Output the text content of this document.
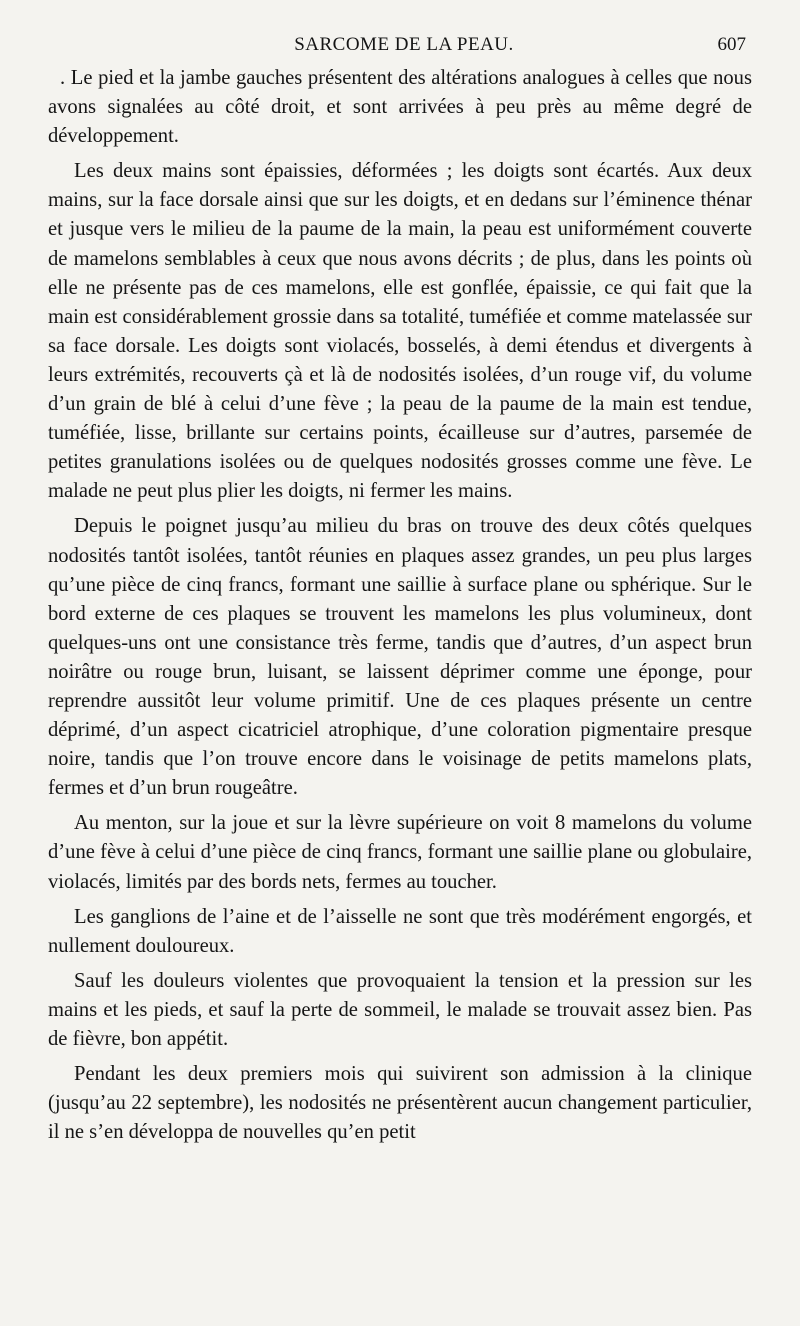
SARCOME DE LA PEAU.	607

. Le pied et la jambe gauches présentent des altérations analogues à celles que nous avons signalées au côté droit, et sont arrivées à peu près au même degré de développement.

Les deux mains sont épaissies, déformées ; les doigts sont écartés. Aux deux mains, sur la face dorsale ainsi que sur les doigts, et en dedans sur l’éminence thénar et jusque vers le milieu de la paume de la main, la peau est uniformément couverte de mamelons semblables à ceux que nous avons décrits ; de plus, dans les points où elle ne présente pas de ces mamelons, elle est gonflée, épaissie, ce qui fait que la main est considérablement grossie dans sa totalité, tuméfiée et comme matelassée sur sa face dorsale. Les doigts sont violacés, bosselés, à demi étendus et divergents à leurs extrémités, recouverts çà et là de nodosités isolées, d’un rouge vif, du volume d’un grain de blé à celui d’une fève ; la peau de la paume de la main est tendue, tuméfiée, lisse, brillante sur certains points, écailleuse sur d’autres, parsemée de petites granulations isolées ou de quelques nodosités grosses comme une fève. Le malade ne peut plus plier les doigts, ni fermer les mains.

Depuis le poignet jusqu’au milieu du bras on trouve des deux côtés quelques nodosités tantôt isolées, tantôt réunies en plaques assez grandes, un peu plus larges qu’une pièce de cinq francs, formant une saillie à surface plane ou sphérique. Sur le bord externe de ces plaques se trouvent les mamelons les plus volumineux, dont quelques-uns ont une consistance très ferme, tandis que d’autres, d’un aspect brun noirâtre ou rouge brun, luisant, se laissent déprimer comme une éponge, pour reprendre aussitôt leur volume primitif. Une de ces plaques présente un centre déprimé, d’un aspect cicatriciel atrophique, d’une coloration pigmentaire presque noire, tandis que l’on trouve encore dans le voisinage de petits mamelons plats, fermes et d’un brun rougeâtre.

Au menton, sur la joue et sur la lèvre supérieure on voit 8 mamelons du volume d’une fève à celui d’une pièce de cinq francs, formant une saillie plane ou globulaire, violacés, limités par des bords nets, fermes au toucher.

Les ganglions de l’aine et de l’aisselle ne sont que très modérément engorgés, et nullement douloureux.

Sauf les douleurs violentes que provoquaient la tension et la pression sur les mains et les pieds, et sauf la perte de sommeil, le malade se trouvait assez bien. Pas de fièvre, bon appétit.

Pendant les deux premiers mois qui suivirent son admission à la clinique (jusqu’au 22 septembre), les nodosités ne présentèrent aucun changement particulier, il ne s’en développa de nouvelles qu’en petit
